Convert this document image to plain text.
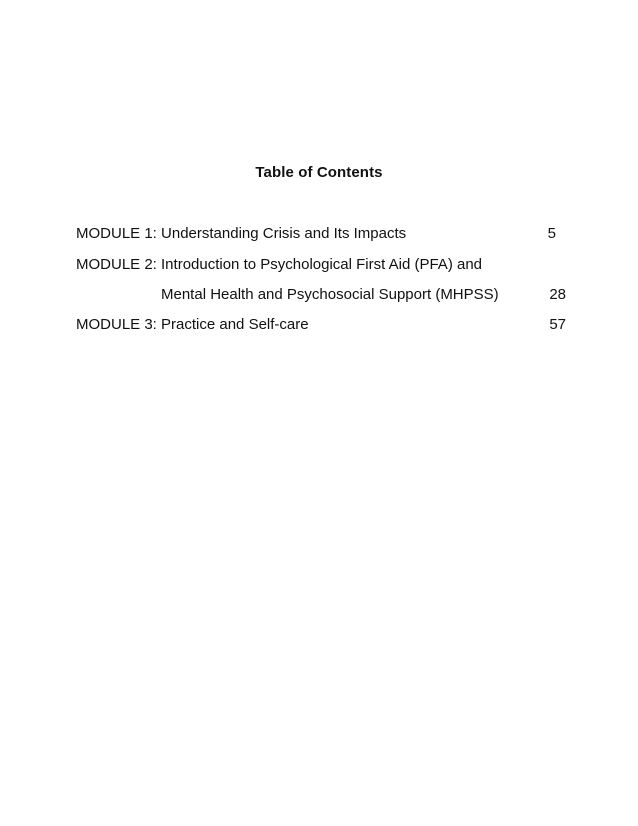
Table of Contents
MODULE 1: Understanding Crisis and Its Impacts	5
MODULE 2: Introduction to Psychological First Aid (PFA) and
Mental Health and Psychosocial Support (MHPSS)	28
MODULE 3: Practice and Self-care	57
